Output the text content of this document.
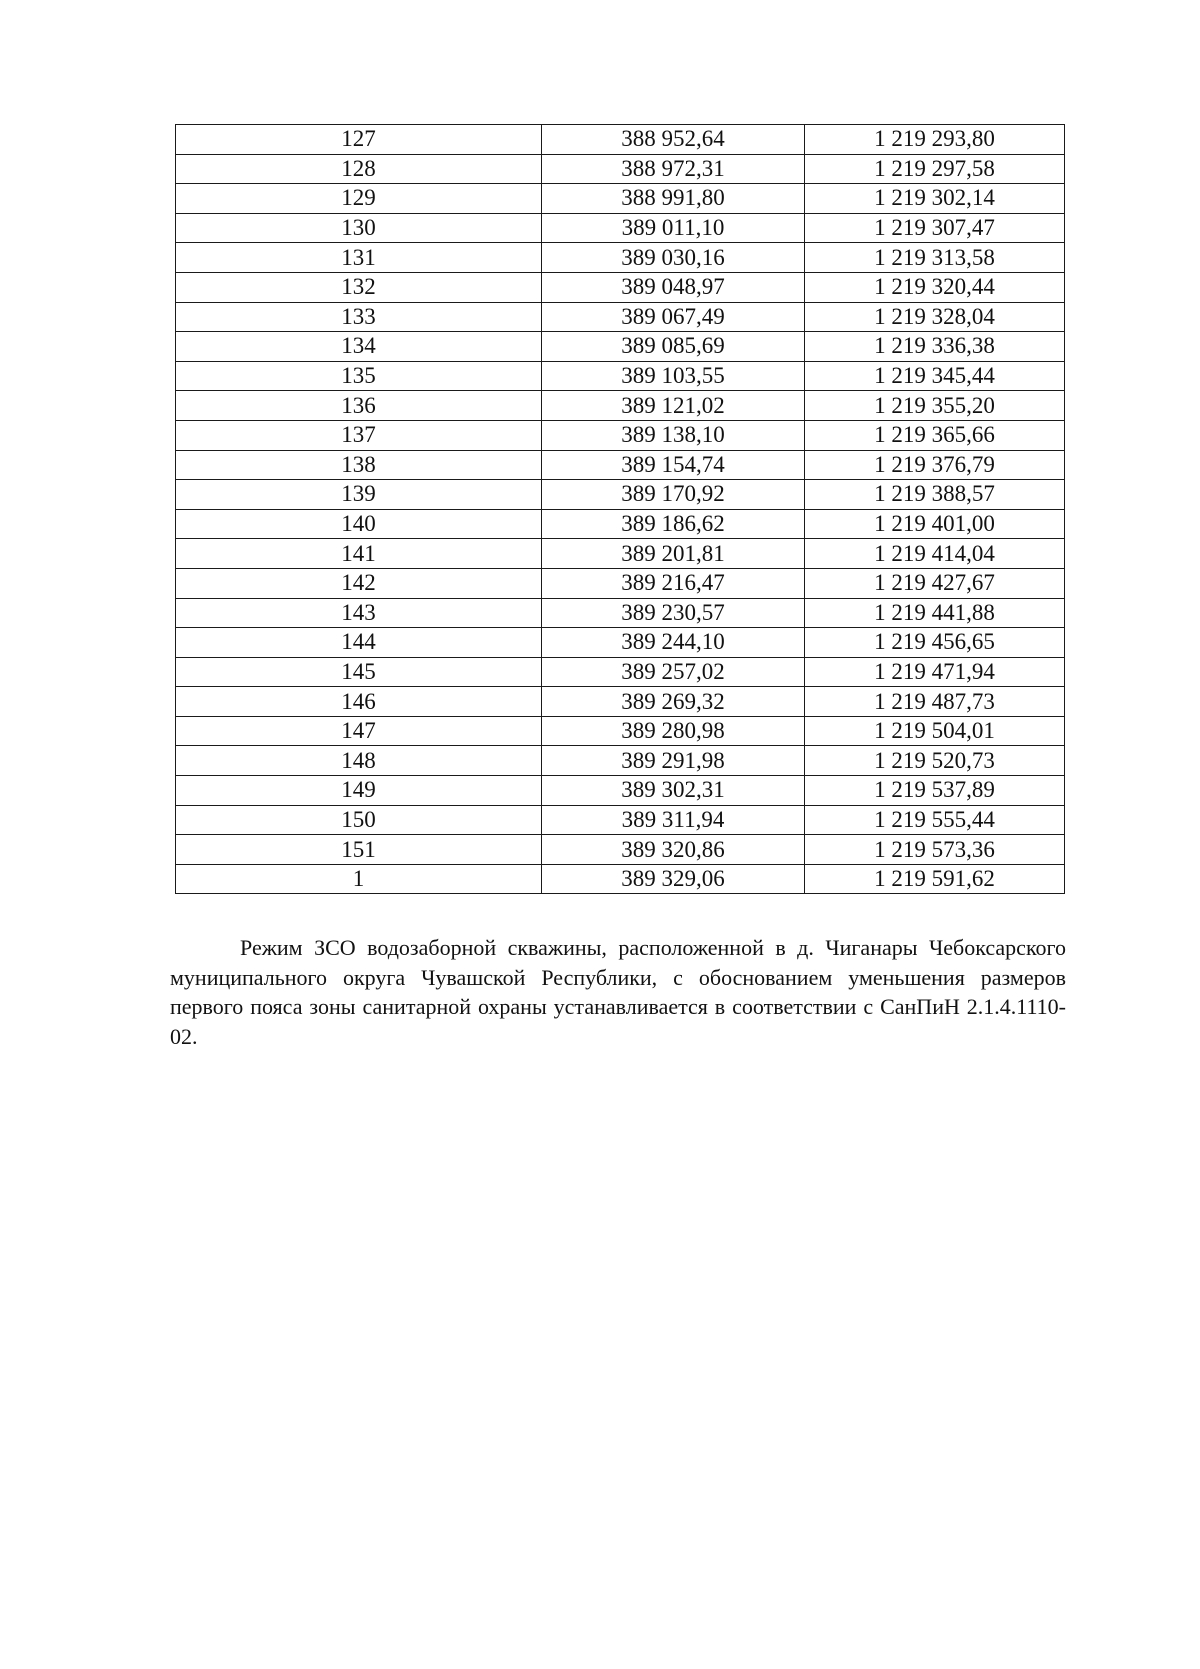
127	388 952,64	1 219 293,80
128	388 972,31	1 219 297,58
129	388 991,80	1 219 302,14
130	389 011,10	1 219 307,47
131	389 030,16	1 219 313,58
132	389 048,97	1 219 320,44
133	389 067,49	1 219 328,04
134	389 085,69	1 219 336,38
135	389 103,55	1 219 345,44
136	389 121,02	1 219 355,20
137	389 138,10	1 219 365,66
138	389 154,74	1 219 376,79
139	389 170,92	1 219 388,57
140	389 186,62	1 219 401,00
141	389 201,81	1 219 414,04
142	389 216,47	1 219 427,67
143	389 230,57	1 219 441,88
144	389 244,10	1 219 456,65
145	389 257,02	1 219 471,94
146	389 269,32	1 219 487,73
147	389 280,98	1 219 504,01
148	389 291,98	1 219 520,73
149	389 302,31	1 219 537,89
150	389 311,94	1 219 555,44
151	389 320,86	1 219 573,36
1	389 329,06	1 219 591,62

Режим ЗСО водозаборной скважины, расположенной в д. Чиганары Чебоксарского муниципального округа Чувашской Республики, с обоснованием уменьшения размеров первого пояса зоны санитарной охраны устанавливается в соответствии с СанПиН 2.1.4.1110-02.
